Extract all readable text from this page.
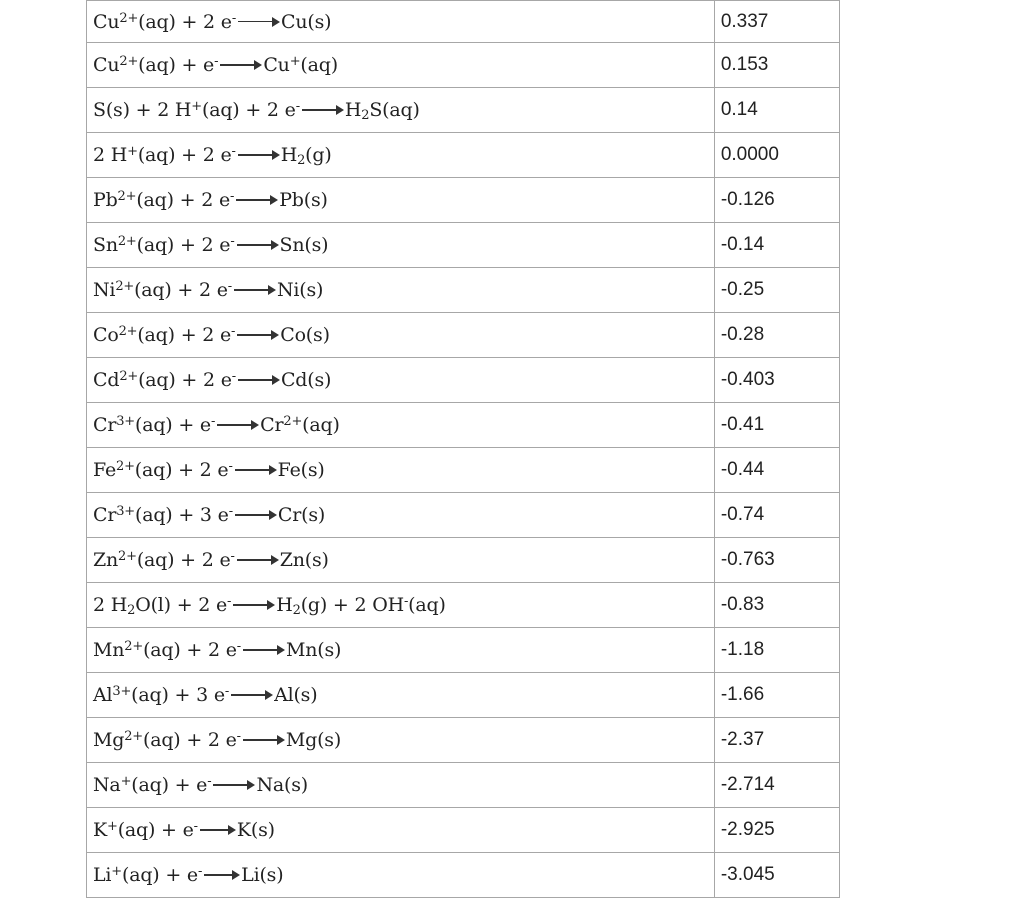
$Cu^{2+}(aq) + 2$ e- Cu(s)	0.337
$Cu^{2+}(aq) + e^-$ Cu+(aq)	0.153
S(s) + 2 H+(aq) + 2 e- $H_2S(aq)$	0.14
2 H+(aq) + 2 e- $H_2(g)$	0.0000
$Pb^{2+}(aq) + 2$ e- Pb(s)	-0.126
$Sn^{2+}(aq) + 2$ e- Sn(s)	-0.14
$Ni^{2+}(aq) + 2$ e- Ni(s)	-0.25
$Co^{2+}(aq) + 2$ e- Co(s)	-0.28
$Cd^{2+}(aq) + 2$ e- Cd(s)	-0.403
$Cr^{3+}(aq) + e^-$ $Cr^{2+}(aq)$	-0.41
$Fe^{2+}(aq) + 2$ e- Fe(s)	-0.44
$Cr^{3+}(aq) + 3$ e- Cr(s)	-0.74
$Zn^{2+}(aq) + 2$ e- Zn(s)	-0.763
2 $H_2O(l) + 2$ e- $H_2(g) + 2$ OH-(aq)	-0.83
$Mn^{2+}(aq) + 2$ e- Mn(s)	-1.18
$Al^{3+}(aq) + 3$ e- Al(s)	-1.66
$Mg^{2+}(aq) + 2$ e- Mg(s)	-2.37
Na+(aq) + e- Na(s)	-2.714
K+(aq) + e- K(s)	-2.925
Li+(aq) + e- Li(s)	-3.045
